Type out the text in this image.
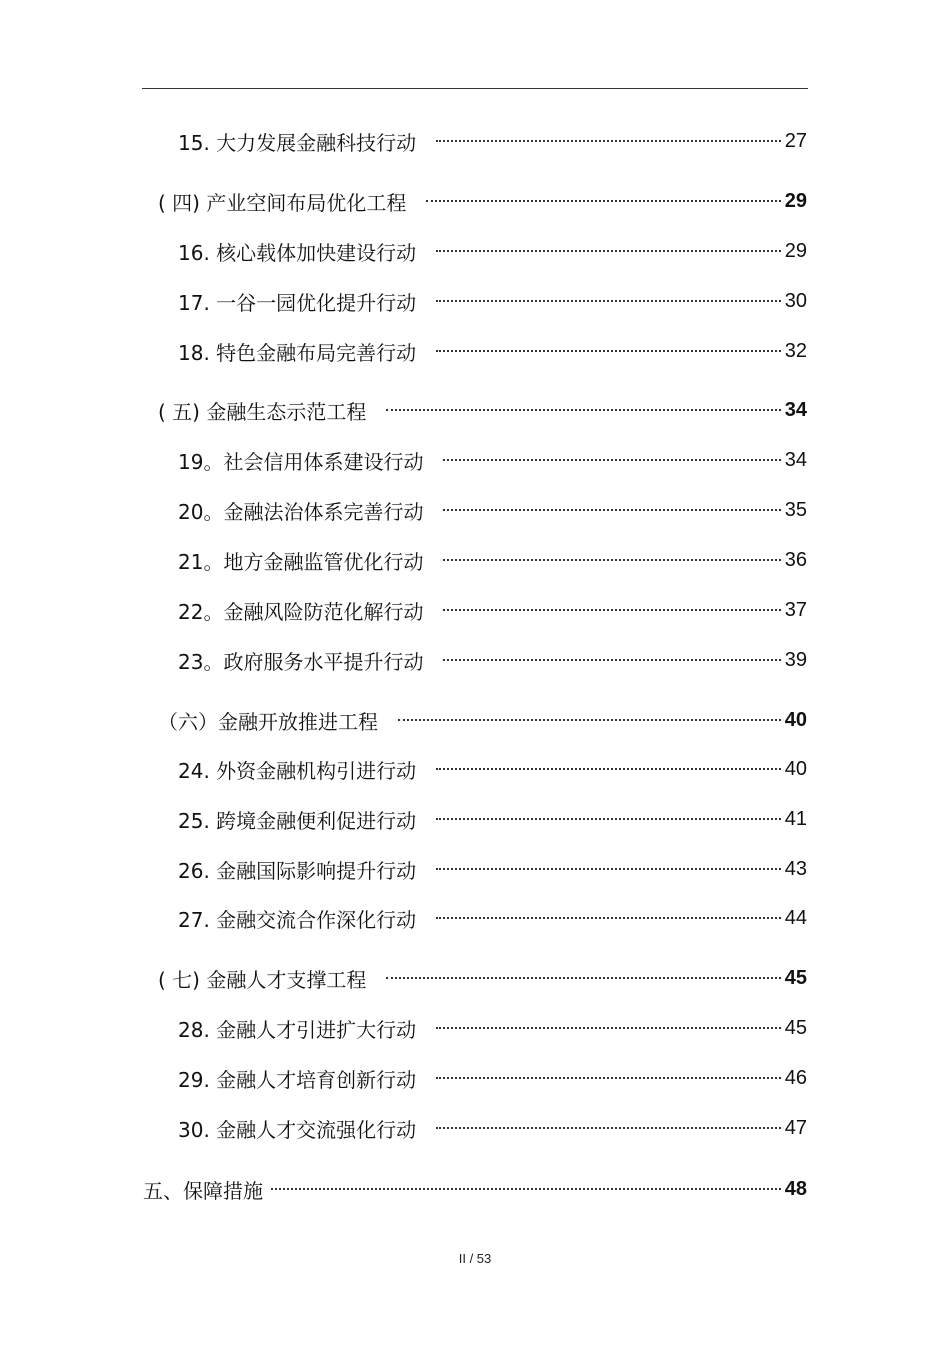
15. 大力发展金融科技行动	27
( 四) 产业空间布局优化工程	29
16. 核心载体加快建设行动	29
17. 一谷一园优化提升行动	30
18. 特色金融布局完善行动	32
( 五) 金融生态示范工程	34
19。社会信用体系建设行动	34
20。金融法治体系完善行动	35
21。地方金融监管优化行动	36
22。金融风险防范化解行动	37
23。政府服务水平提升行动	39
（六）金融开放推进工程	40
24. 外资金融机构引进行动	40
25. 跨境金融便利促进行动	41
26. 金融国际影响提升行动	43
27. 金融交流合作深化行动	44
( 七) 金融人才支撑工程	45
28. 金融人才引进扩大行动	45
29. 金融人才培育创新行动	46
30. 金融人才交流强化行动	47
五、保障措施	48
II / 53
